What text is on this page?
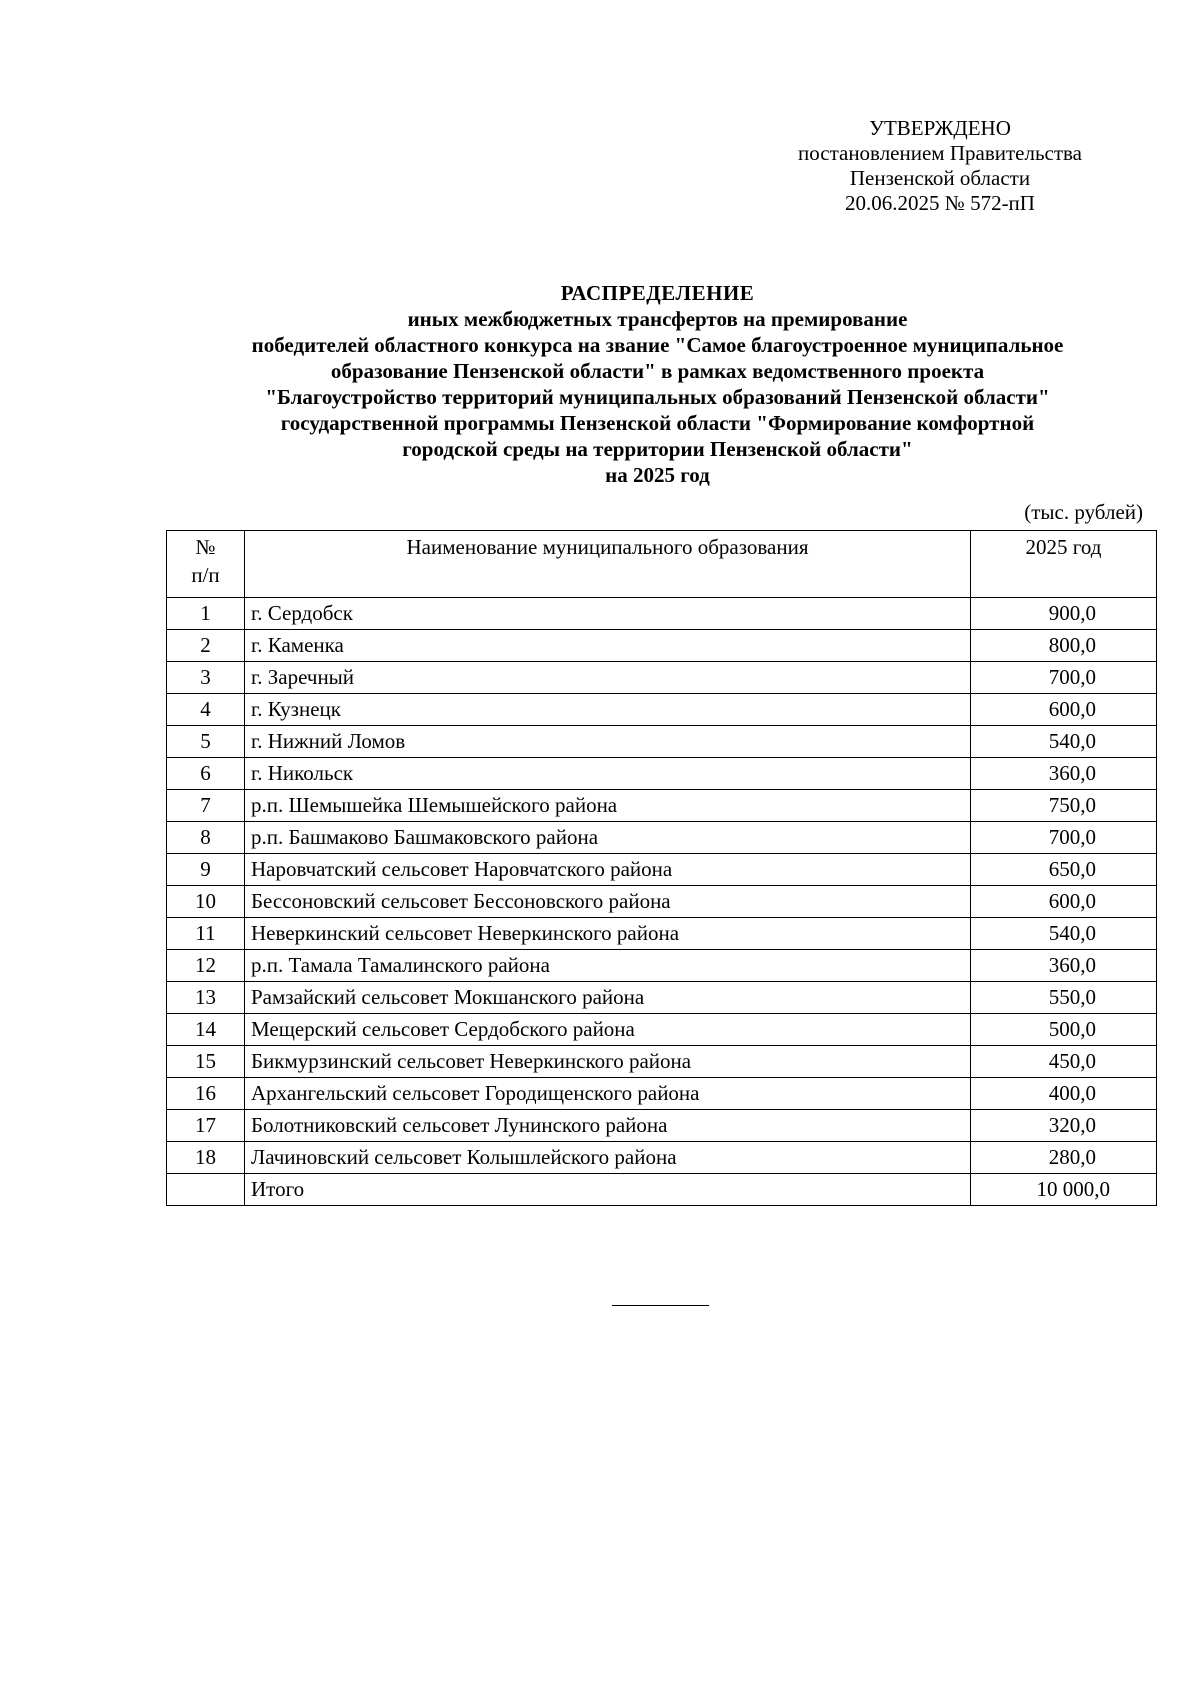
УТВЕРЖДЕНО
постановлением Правительства
Пензенской области
20.06.2025 № 572-пП
РАСПРЕДЕЛЕНИЕ
иных межбюджетных трансфертов на премирование
победителей областного конкурса на звание "Самое благоустроенное муниципальное
образование Пензенской области" в рамках ведомственного проекта
"Благоустройство территорий муниципальных образований Пензенской области"
государственной программы Пензенской области "Формирование комфортной
городской среды на территории Пензенской области"
на 2025 год
(тыс. рублей)
№
п/п	Наименование муниципального образования	2025 год
1	г. Сердобск	900,0
2	г. Каменка	800,0
3	г. Заречный	700,0
4	г. Кузнецк	600,0
5	г. Нижний Ломов	540,0
6	г. Никольск	360,0
7	р.п. Шемышейка Шемышейского района	750,0
8	р.п. Башмаково Башмаковского района	700,0
9	Наровчатский сельсовет Наровчатского района	650,0
10	Бессоновский сельсовет Бессоновского района	600,0
11	Неверкинский сельсовет Неверкинского района	540,0
12	р.п. Тамала Тамалинского района	360,0
13	Рамзайский сельсовет Мокшанского района	550,0
14	Мещерский сельсовет Сердобского района	500,0
15	Бикмурзинский сельсовет Неверкинского района	450,0
16	Архангельский сельсовет Городищенского района	400,0
17	Болотниковский сельсовет Лунинского района	320,0
18	Лачиновский сельсовет Колышлейского района	280,0
	Итого	10 000,0
